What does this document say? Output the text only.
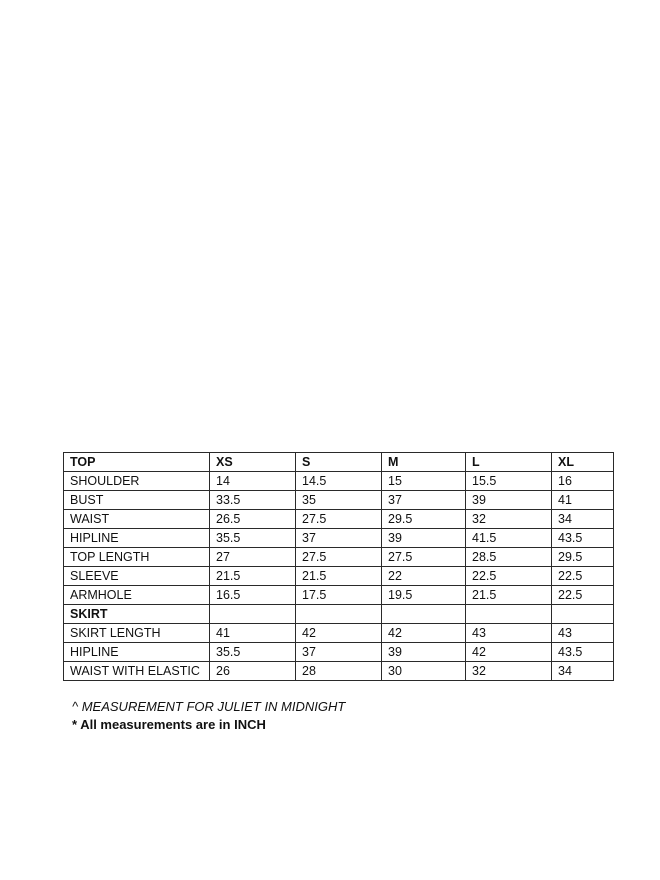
TOP	XS	S	M	L	XL
SHOULDER	14	14.5	15	15.5	16
BUST	33.5	35	37	39	41
WAIST	26.5	27.5	29.5	32	34
HIPLINE	35.5	37	39	41.5	43.5
TOP LENGTH	27	27.5	27.5	28.5	29.5
SLEEVE	21.5	21.5	22	22.5	22.5
ARMHOLE	16.5	17.5	19.5	21.5	22.5
SKIRT					
SKIRT LENGTH	41	42	42	43	43
HIPLINE	35.5	37	39	42	43.5
WAIST WITH ELASTIC	26	28	30	32	34
^ MEASUREMENT FOR JULIET IN MIDNIGHT
* All measurements are in INCH
